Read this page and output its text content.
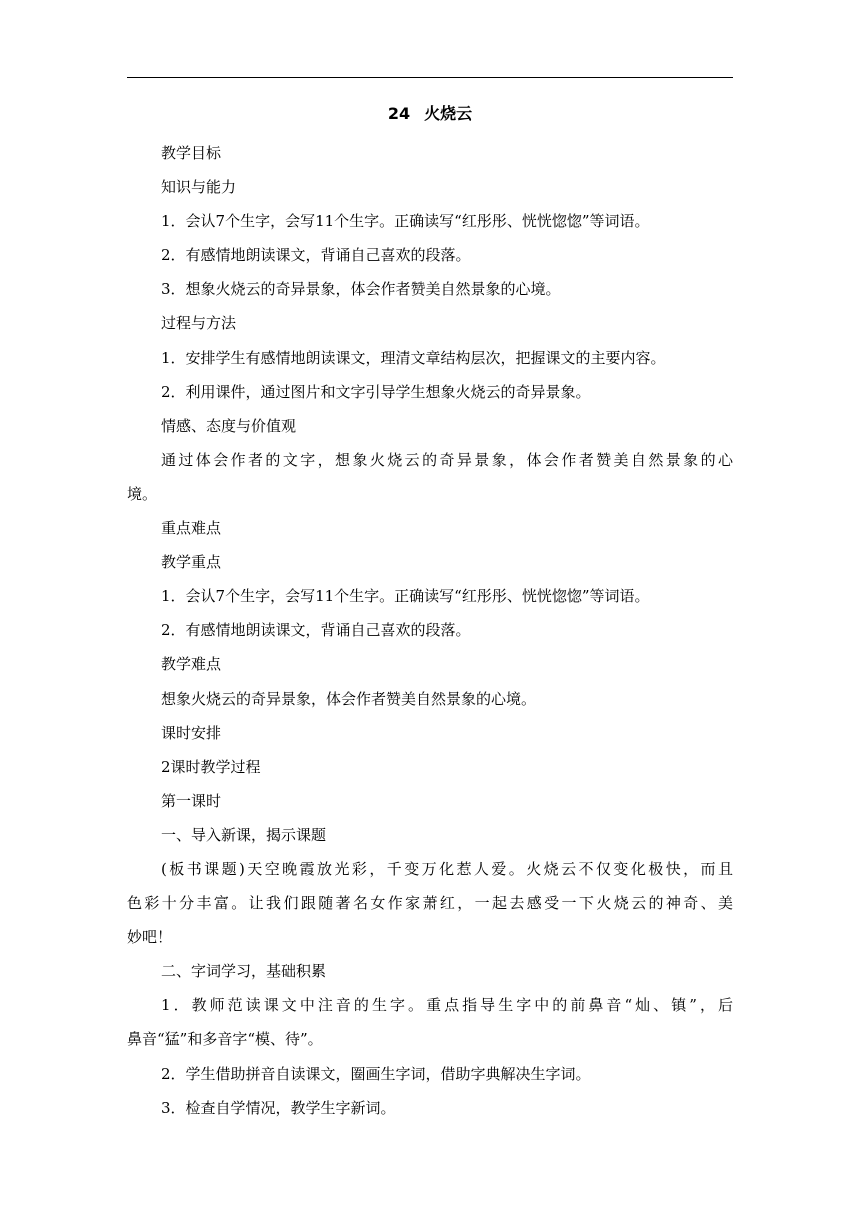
24 火烧云
教学目标
知识与能力
1．会认7个生字，会写11个生字。正确读写“红彤彤、恍恍惚惚”等词语。
2．有感情地朗读课文，背诵自己喜欢的段落。
3．想象火烧云的奇异景象，体会作者赞美自然景象的心境。
过程与方法
1．安排学生有感情地朗读课文，理清文章结构层次，把握课文的主要内容。
2．利用课件，通过图片和文字引导学生想象火烧云的奇异景象。
情感、态度与价值观
通过体会作者的文字，想象火烧云的奇异景象，体会作者赞美自然景象的心
境。
重点难点
教学重点
1．会认7个生字，会写11个生字。正确读写“红彤彤、恍恍惚惚”等词语。
2．有感情地朗读课文，背诵自己喜欢的段落。
教学难点
想象火烧云的奇异景象，体会作者赞美自然景象的心境。
课时安排
2课时教学过程
第一课时
一、导入新课，揭示课题
(板书课题)天空晚霞放光彩，千变万化惹人爱。火烧云不仅变化极快，而且
色彩十分丰富。让我们跟随著名女作家萧红，一起去感受一下火烧云的神奇、美
妙吧！
二、字词学习，基础积累
1．教师范读课文中注音的生字。重点指导生字中的前鼻音“灿、镇”，后
鼻音“猛”和多音字“模、待”。
2．学生借助拼音自读课文，圈画生字词，借助字典解决生字词。
3．检查自学情况，教学生字新词。
